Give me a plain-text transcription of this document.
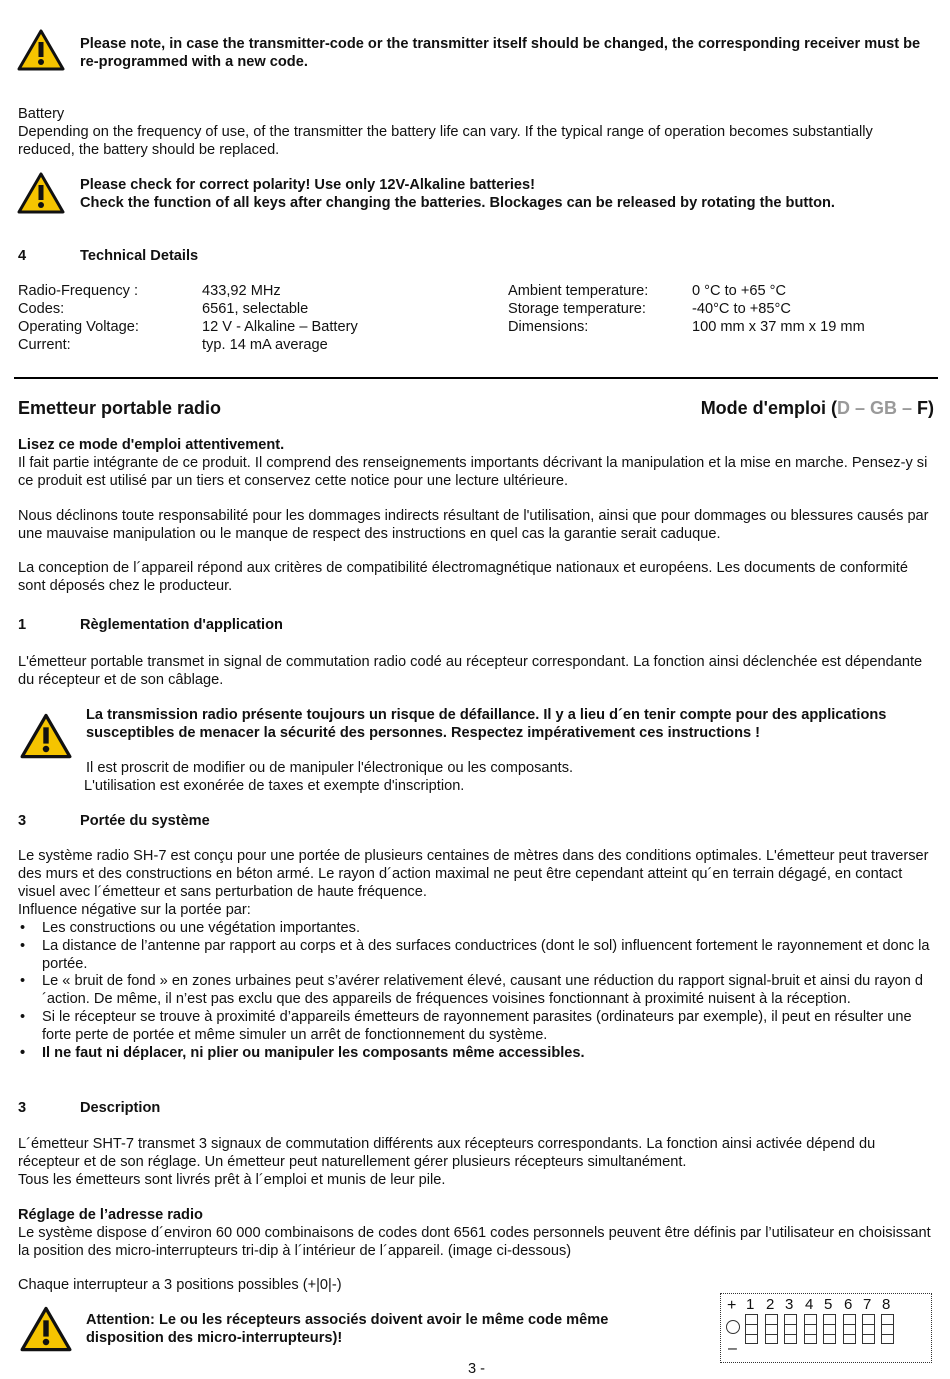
Please note, in case the transmitter-code or the transmitter itself should be changed, the corresponding receiver must be re-programmed with a new code.
Battery
Depending on the frequency of use, of the transmitter the battery life can vary. If the typical range of operation becomes substantially reduced, the battery should be replaced.
Please check for correct polarity! Use only 12V-Alkaline batteries!
Check the function of all keys after changing the batteries. Blockages can be released by rotating the button.
4	Technical Details
Radio-Frequency :	433,92 MHz
Codes:	6561, selectable
Operating Voltage:	12 V - Alkaline – Battery
Current:	typ. 14 mA average
Ambient temperature:	0 °C to +65 °C
Storage temperature:	-40°C to +85°C
Dimensions:	100 mm x 37 mm x 19 mm
Emetteur portable radio	Mode d'emploi (D – GB – F)
Lisez ce mode d'emploi attentivement.
Il fait partie intégrante de ce produit. Il comprend des renseignements importants décrivant la manipulation et la mise en marche. Pensez-y si ce produit est utilisé par un tiers et conservez cette notice pour une lecture ultérieure.
Nous déclinons toute responsabilité pour les dommages indirects résultant de l'utilisation, ainsi que pour dommages ou blessures causés par une mauvaise manipulation ou le manque de respect des instructions en quel cas la garantie serait caduque.
La conception de l´appareil répond aux critères de compatibilité électromagnétique nationaux et européens. Les documents de conformité sont déposés chez le producteur.
1	Règlementation d'application
L'émetteur portable transmet in signal de commutation radio codé au récepteur correspondant. La fonction ainsi déclenchée est dépendante du récepteur et de son câblage.
La transmission radio présente toujours un risque de défaillance. Il y a lieu d´en tenir compte pour des applications susceptibles de menacer la sécurité des personnes. Respectez impérativement ces instructions !
Il est proscrit de modifier ou de manipuler l'électronique ou les composants.
L'utilisation est exonérée de taxes et exempte d'inscription.
3	Portée du système
Le système radio SH-7 est conçu pour une portée de plusieurs centaines de mètres dans des conditions optimales. L'émetteur peut traverser des murs et des constructions en béton armé. Le rayon d´action maximal ne peut être cependant atteint qu´en terrain dégagé, en contact visuel avec l´émetteur et sans perturbation de haute fréquence.
Influence négative sur la portée par:
• Les constructions ou une végétation importantes.
• La distance de l’antenne par rapport au corps et à des surfaces conductrices (dont le sol) influencent fortement le rayonnement et donc la portée.
• Le « bruit de fond » en zones urbaines peut s’avérer relativement élevé, causant une réduction du rapport signal-bruit et ainsi du rayon d´action. De même, il n’est pas exclu que des appareils de fréquences voisines fonctionnant à proximité nuisent à la réception.
• Si le récepteur se trouve à proximité d’appareils émetteurs de rayonnement parasites (ordinateurs par exemple), il peut en résulter une forte perte de portée et même simuler un arrêt de fonctionnement du système.
• Il ne faut ni déplacer, ni plier ou manipuler les composants même accessibles.
3	Description
L´émetteur SHT-7 transmet 3 signaux de commutation différents aux récepteurs correspondants. La fonction ainsi activée dépend du récepteur et de son réglage. Un émetteur peut naturellement gérer plusieurs récepteurs simultanément.
Tous les émetteurs sont livrés prêt à l´emploi et munis de leur pile.
Réglage de l’adresse radio
Le système dispose d´environ 60 000 combinaisons de codes dont 6561 codes personnels peuvent être définis par l’utilisateur en choisissant la position des micro-interrupteurs tri-dip à l´intérieur de l´appareil. (image ci-dessous)
Chaque interrupteur a 3 positions possibles (+|0|-)
Attention: Le ou les récepteurs associés doivent avoir le même code même disposition des micro-interrupteurs)!
+
–
1 2 3 4 5 6 7 8
3 -
